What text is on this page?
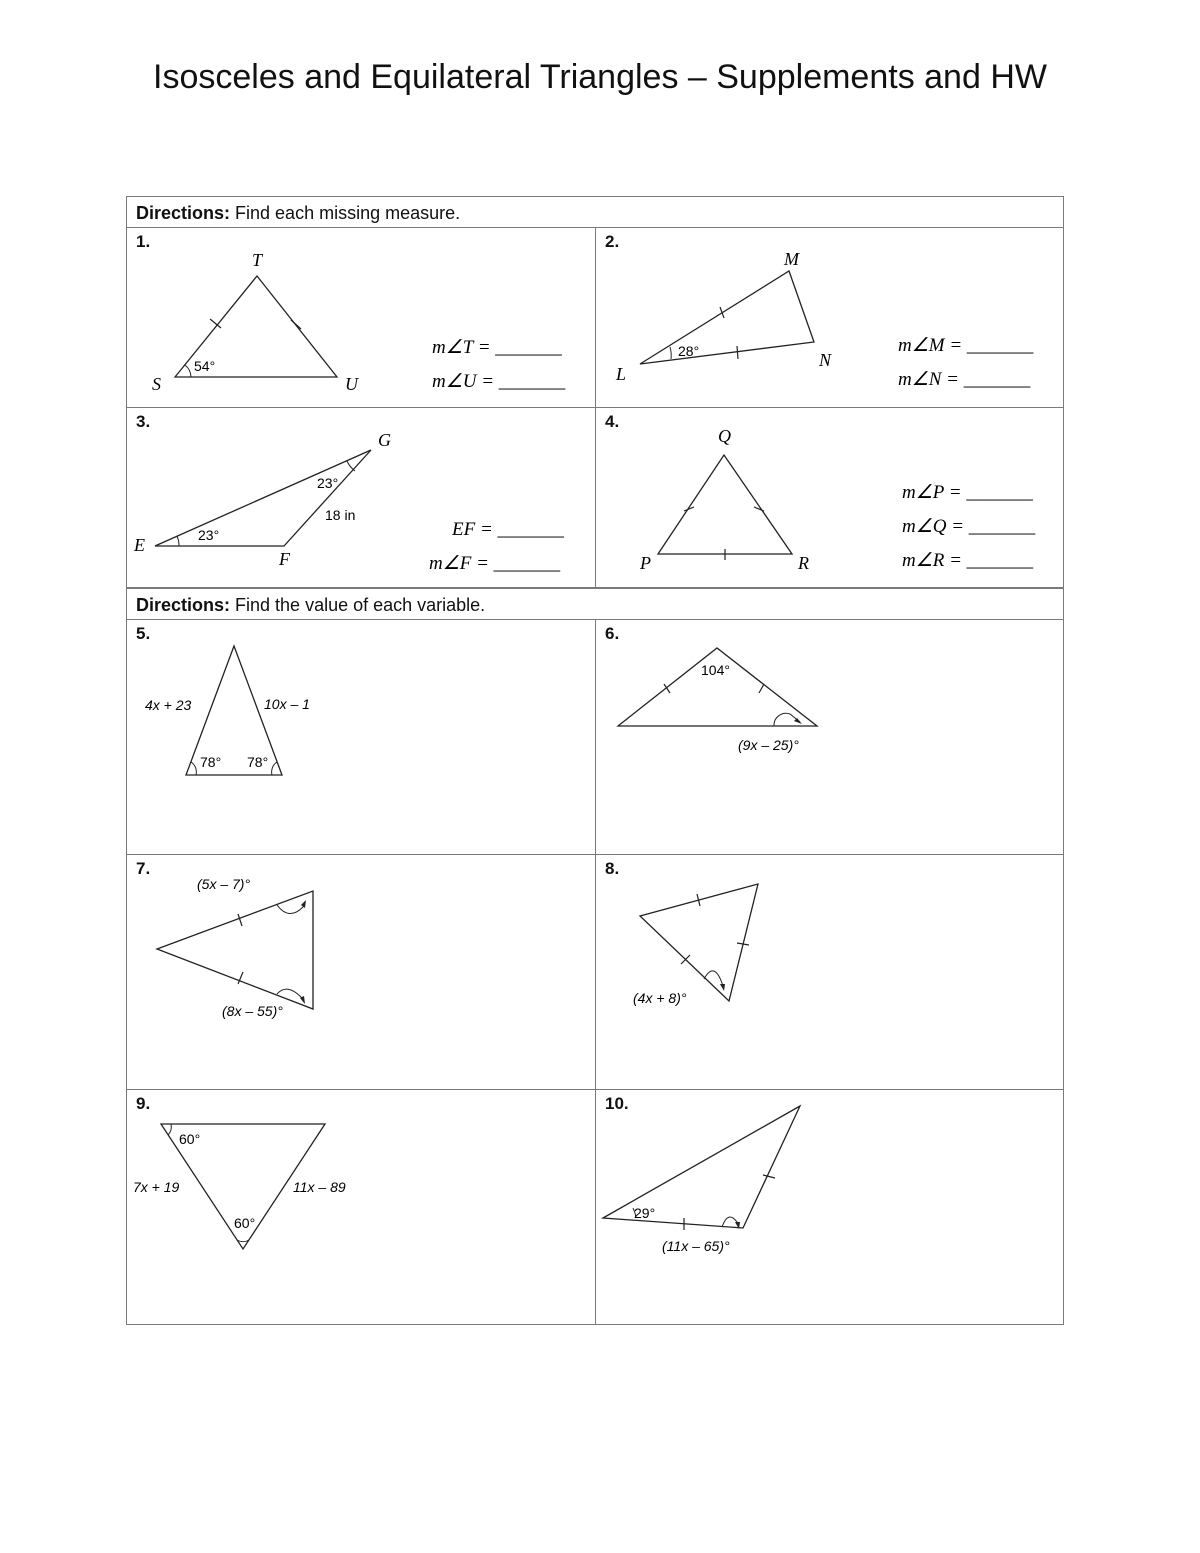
Isosceles and Equilateral Triangles – Supplements and HW
Directions: Find each missing measure.
1.
T
S	U
54°
m∠T = _______
m∠U = _______
2.
M
L
N
28°	m∠M = _______
m∠N = _______
3.
G
E
F
23°
23°
18 in
EF = _______
m∠F = _______
4.
Q
P	R
m∠P = _______
m∠Q = _______
m∠R = _______
Directions: Find the value of each variable.
5.
4x + 23	10x – 1
78° 78°
6.
104°
(9x – 25)°
7.
(5x – 7)°
(8x – 55)°
8.
(4x + 8)°
9.
60°
60°
7x + 19	11x – 89
10.
29°
(11x – 65)°
